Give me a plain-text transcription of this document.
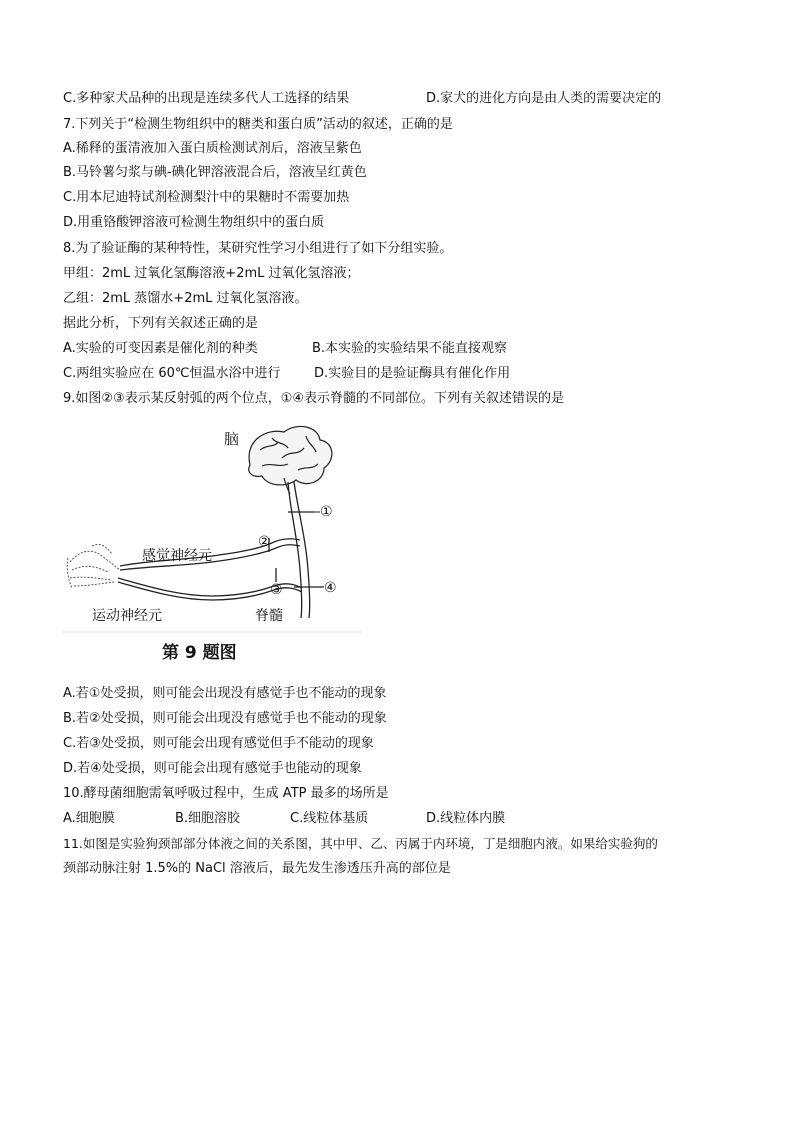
C.多种家犬品种的出现是连续多代人工选择的结果	D.家犬的进化方向是由人类的需要决定的
7.下列关于“检测生物组织中的糖类和蛋白质”活动的叙述，正确的是
A.稀释的蛋清液加入蛋白质检测试剂后，溶液呈紫色
B.马铃薯匀浆与碘-碘化钾溶液混合后，溶液呈红黄色
C.用本尼迪特试剂检测梨汁中的果糖时不需要加热
D.用重铬酸钾溶液可检测生物组织中的蛋白质
8.为了验证酶的某种特性，某研究性学习小组进行了如下分组实验。
甲组：2mL 过氧化氢酶溶液+2mL 过氧化氢溶液；
乙组：2mL 蒸馏水+2mL 过氧化氢溶液。
据此分析，下列有关叙述正确的是
A.实验的可变因素是催化剂的种类	B.本实验的实验结果不能直接观察
C.两组实验应在 60℃恒温水浴中进行	D.实验目的是验证酶具有催化作用
9.如图②③表示某反射弧的两个位点，①④表示脊髓的不同部位。下列有关叙述错误的是
①
②
③	④
脑
感觉神经元
运动神经元	脊髓
第 9 题图
A.若①处受损，则可能会出现没有感觉手也不能动的现象
B.若②处受损，则可能会出现没有感觉手也不能动的现象
C.若③处受损，则可能会出现有感觉但手不能动的现象
D.若④处受损，则可能会出现有感觉手也能动的现象
10.酵母菌细胞需氧呼吸过程中，生成 ATP 最多的场所是
A.细胞膜	B.细胞溶胶	C.线粒体基质	D.线粒体内膜
11.如图是实验狗颈部部分体液之间的关系图，其中甲、乙、丙属于内环境，丁是细胞内液。如果给实验狗的
颈部动脉注射 1.5%的 NaCl 溶液后，最先发生渗透压升高的部位是
